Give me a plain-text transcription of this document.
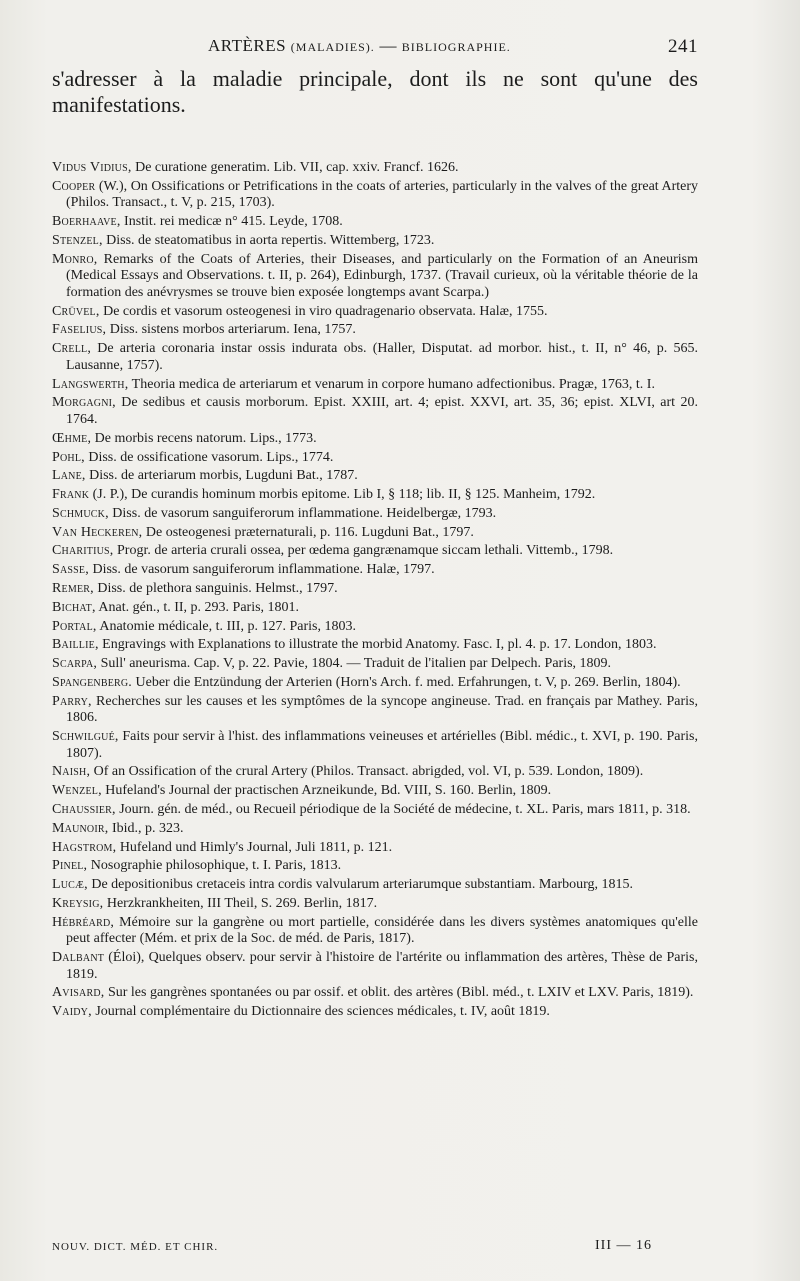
ARTÈRES (MALADIES). — BIBLIOGRAPHIE.	241
s'adresser à la maladie principale, dont ils ne sont qu'une des manifestations.

Vidus Vidius, De curatione generatim. Lib. VII, cap. xxiv. Francf. 1626.

Cooper (W.), On Ossifications or Petrifications in the coats of arteries, particularly in the valves of the great Artery (Philos. Transact., t. V, p. 215, 1703).

Boerhaave, Instit. rei medicæ n° 415. Leyde, 1708.

Stenzel, Diss. de steatomatibus in aorta repertis. Wittemberg, 1723.

Monro, Remarks of the Coats of Arteries, their Diseases, and particularly on the Formation of an Aneurism (Medical Essays and Observations. t. II, p. 264), Edinburgh, 1737. (Travail curieux, où la véritable théorie de la formation des anévrysmes se trouve bien exposée longtemps avant Scarpa.)

Crüvel, De cordis et vasorum osteogenesi in viro quadragenario observata. Halæ, 1755.

Faselius, Diss. sistens morbos arteriarum. Iena, 1757.

Crell, De arteria coronaria instar ossis indurata obs. (Haller, Disputat. ad morbor. hist., t. II, n° 46, p. 565. Lausanne, 1757).

Langswerth, Theoria medica de arteriarum et venarum in corpore humano adfectionibus. Pragæ, 1763, t. I.

Morgagni, De sedibus et causis morborum. Epist. XXIII, art. 4; epist. XXVI, art. 35, 36; epist. XLVI, art 20. 1764.

Œhme, De morbis recens natorum. Lips., 1773.

Pohl, Diss. de ossificatione vasorum. Lips., 1774.

Lane, Diss. de arteriarum morbis, Lugduni Bat., 1787.

Frank (J. P.), De curandis hominum morbis epitome. Lib I, § 118; lib. II, § 125. Manheim, 1792.

Schmuck, Diss. de vasorum sanguiferorum inflammatione. Heidelbergæ, 1793.

Van Heckeren, De osteogenesi præternaturali, p. 116. Lugduni Bat., 1797.

Charitius, Progr. de arteria crurali ossea, per œdema gangrænamque siccam lethali. Vittemb., 1798.

Sasse, Diss. de vasorum sanguiferorum inflammatione. Halæ, 1797.

Remer, Diss. de plethora sanguinis. Helmst., 1797.

Bichat, Anat. gén., t. II, p. 293. Paris, 1801.

Portal, Anatomie médicale, t. III, p. 127. Paris, 1803.

Baillie, Engravings with Explanations to illustrate the morbid Anatomy. Fasc. I, pl. 4. p. 17. London, 1803.

Scarpa, Sull' aneurisma. Cap. V, p. 22. Pavie, 1804. — Traduit de l'italien par Delpech. Paris, 1809.

Spangenberg. Ueber die Entzündung der Arterien (Horn's Arch. f. med. Erfahrungen, t. V, p. 269. Berlin, 1804).

Parry, Recherches sur les causes et les symptômes de la syncope angineuse. Trad. en français par Mathey. Paris, 1806.

Schwilgué, Faits pour servir à l'hist. des inflammations veineuses et artérielles (Bibl. médic., t. XVI, p. 190. Paris, 1807).

Naish, Of an Ossification of the crural Artery (Philos. Transact. abrigded, vol. VI, p. 539. London, 1809).

Wenzel, Hufeland's Journal der practischen Arzneikunde, Bd. VIII, S. 160. Berlin, 1809.

Chaussier, Journ. gén. de méd., ou Recueil périodique de la Société de médecine, t. XL. Paris, mars 1811, p. 318.

Maunoir, Ibid., p. 323.

Hagstrom, Hufeland und Himly's Journal, Juli 1811, p. 121.

Pinel, Nosographie philosophique, t. I. Paris, 1813.

Lucæ, De depositionibus cretaceis intra cordis valvularum arteriarumque substantiam. Marbourg, 1815.

Kreysig, Herzkrankheiten, III Theil, S. 269. Berlin, 1817.

Hébréard, Mémoire sur la gangrène ou mort partielle, considérée dans les divers systèmes anatomiques qu'elle peut affecter (Mém. et prix de la Soc. de méd. de Paris, 1817).

Dalbant (Éloi), Quelques observ. pour servir à l'histoire de l'artérite ou inflammation des artères, Thèse de Paris, 1819.

Avisard, Sur les gangrènes spontanées ou par ossif. et oblit. des artères (Bibl. méd., t. LXIV et LXV. Paris, 1819).

Vaidy, Journal complémentaire du Dictionnaire des sciences médicales, t. IV, août 1819.

NOUV. DICT. MÉD. ET CHIR.	III — 16
